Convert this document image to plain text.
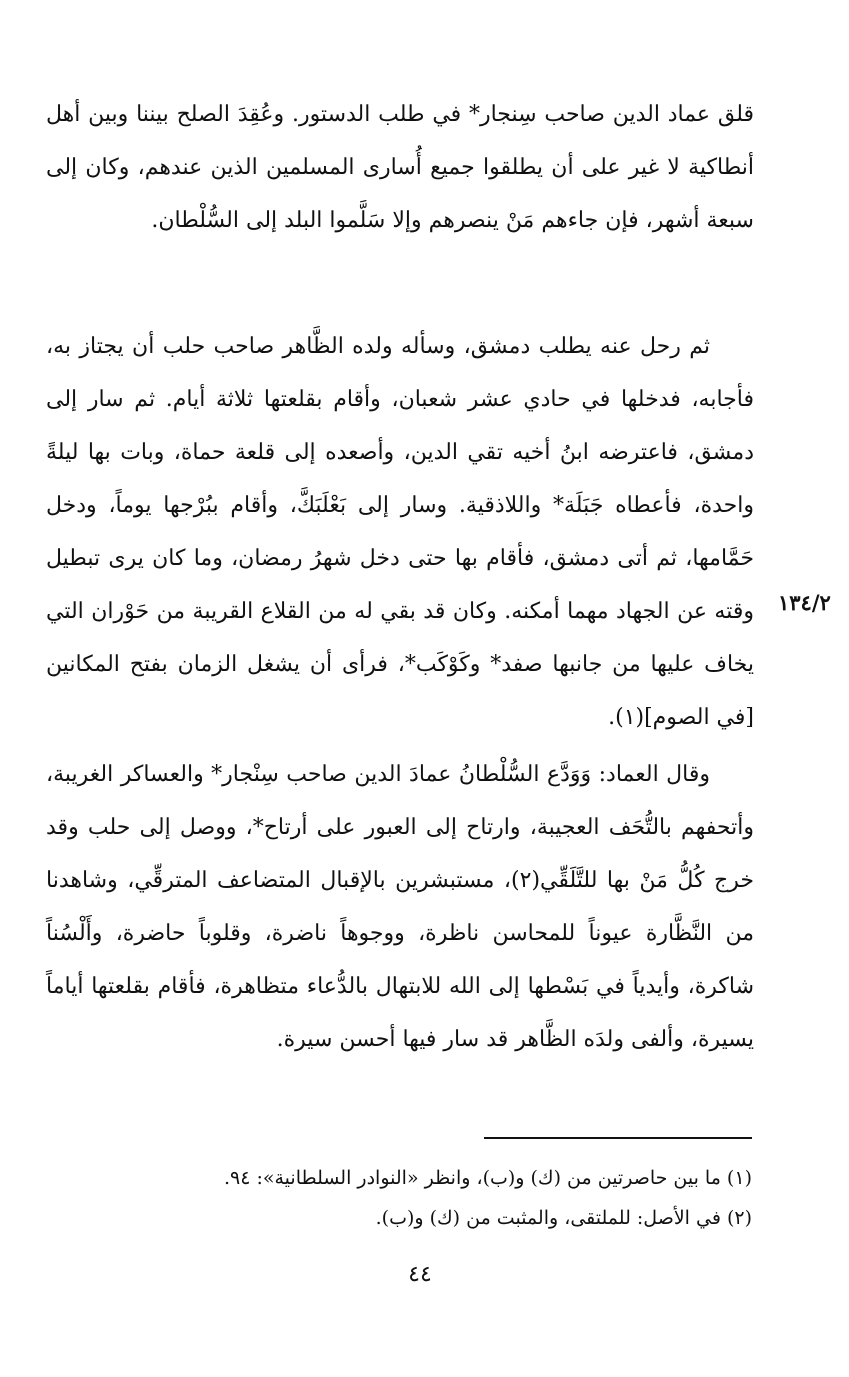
قلق عماد الدين صاحب سِنجار* في طلب الدستور. وعُقِدَ الصلح بيننا وبين أهل أنطاكية لا غير على أن يطلقوا جميع أُسارى المسلمين الذين عندهم، وكان إلى سبعة أشهر، فإن جاءهم مَنْ ينصرهم وإلا سَلَّموا البلد إلى السُّلْطان.

ثم رحل عنه يطلب دمشق، وسأله ولده الظَّاهر صاحب حلب أن يجتاز به، فأجابه، فدخلها في حادي عشر شعبان، وأقام بقلعتها ثلاثة أيام. ثم سار إلى دمشق، فاعترضه ابنُ أخيه تقي الدين، وأصعده إلى قلعة حماة، وبات بها ليلةً واحدة، فأعطاه جَبَلَة* واللاذقية. وسار إلى بَعْلَبَكَّ، وأقام ببُرْجها يوماً، ودخل حَمَّامها، ثم أتى دمشق، فأقام بها حتى دخل شهرُ رمضان، وما كان يرى تبطيل وقته عن الجهاد مهما أمكنه. وكان قد بقي له من القلاع القريبة من حَوْران التي يخاف عليها من جانبها صفد* وكَوْكَب*، فرأى أن يشغل الزمان بفتح المكانين [في الصوم](١).

١٣٤/٢

وقال العماد: وَوَدَّع السُّلْطانُ عمادَ الدين صاحب سِنْجار* والعساكر الغريبة، وأتحفهم بالتُّحَف العجيبة، وارتاح إلى العبور على أرتاح*، ووصل إلى حلب وقد خرج كُلُّ مَنْ بها للتَّلَقِّي(٢)، مستبشرين بالإقبال المتضاعف المترقِّي، وشاهدنا من النَّظَّارة عيوناً للمحاسن ناظرة، ووجوهاً ناضرة، وقلوباً حاضرة، وأَلْسُناً شاكرة، وأيدياً في بَسْطها إلى الله للابتهال بالدُّعاء متظاهرة، فأقام بقلعتها أياماً يسيرة، وألفى ولدَه الظَّاهر قد سار فيها أحسن سيرة.

(١) ما بين حاصرتين من (ك) و(ب)، وانظر «النوادر السلطانية»: ٩٤.
(٢) في الأصل: للملتقى، والمثبت من (ك) و(ب).
٤٤
